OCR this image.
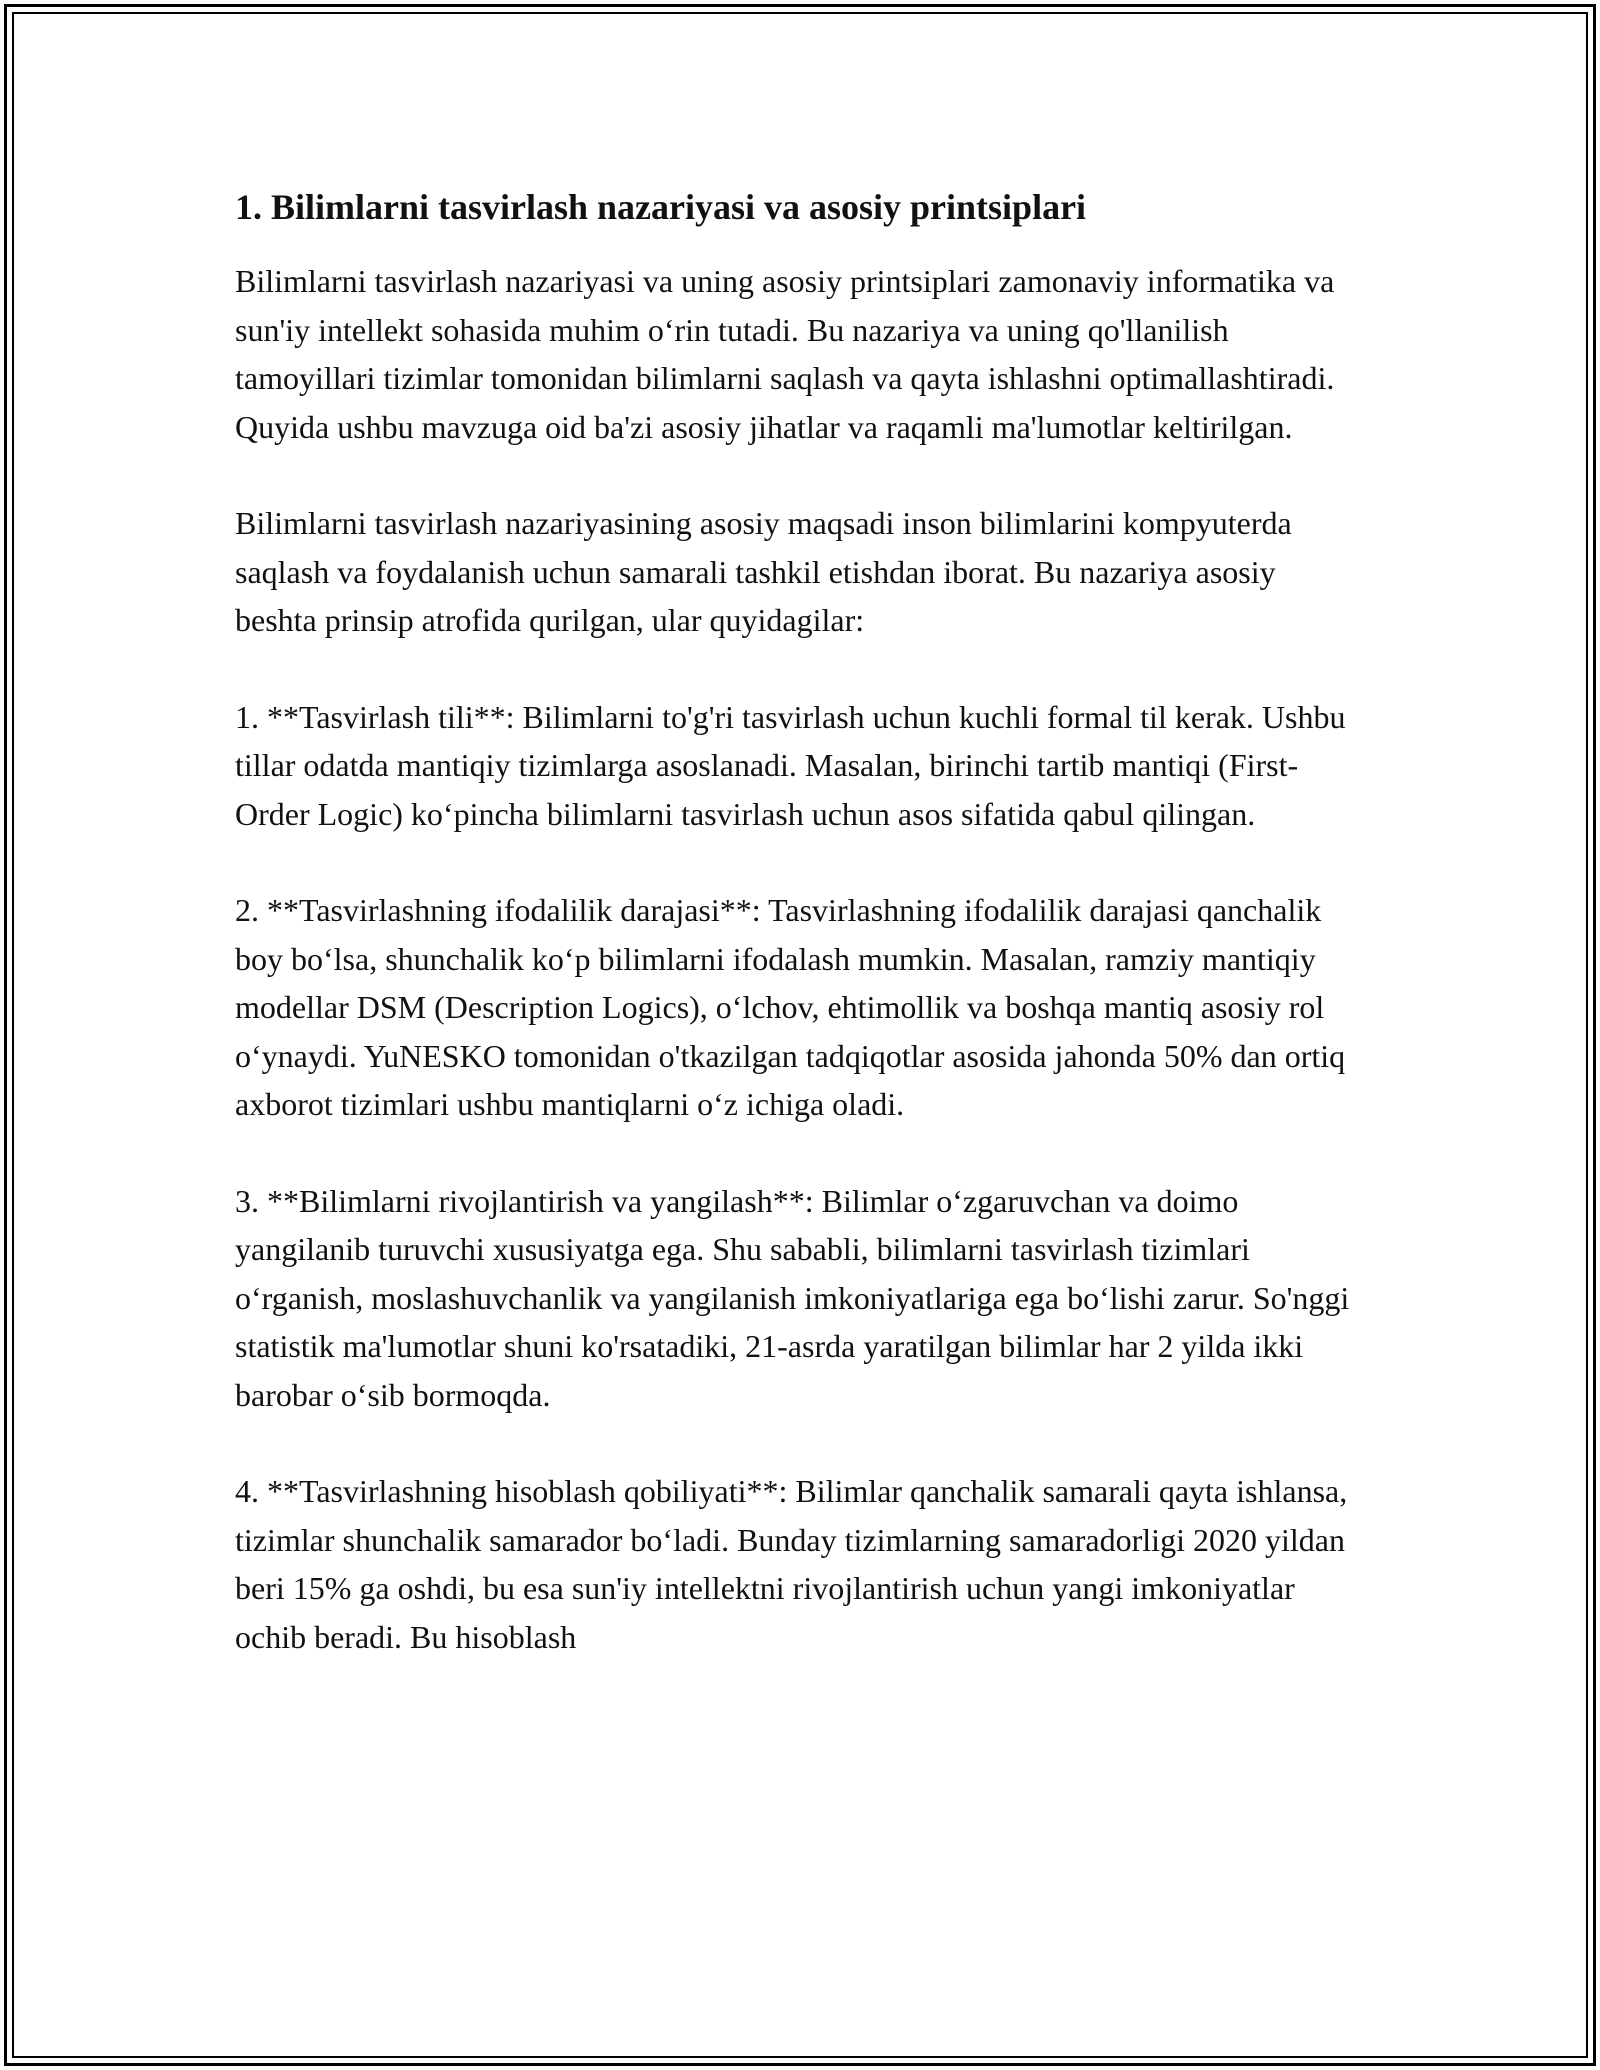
1. Bilimlarni tasvirlash nazariyasi va asosiy printsiplari

Bilimlarni tasvirlash nazariyasi va uning asosiy printsiplari zamonaviy informatika va sun'iy intellekt sohasida muhim o‘rin tutadi. Bu nazariya va uning qo'llanilish tamoyillari tizimlar tomonidan bilimlarni saqlash va qayta ishlashni optimallashtiradi. Quyida ushbu mavzuga oid ba'zi asosiy jihatlar va raqamli ma'lumotlar keltirilgan.

Bilimlarni tasvirlash nazariyasining asosiy maqsadi inson bilimlarini kompyuterda saqlash va foydalanish uchun samarali tashkil etishdan iborat. Bu nazariya asosiy beshta prinsip atrofida qurilgan, ular quyidagilar:

1. **Tasvirlash tili**: Bilimlarni to'g'ri tasvirlash uchun kuchli formal til kerak. Ushbu tillar odatda mantiqiy tizimlarga asoslanadi. Masalan, birinchi tartib mantiqi (First-Order Logic) ko‘pincha bilimlarni tasvirlash uchun asos sifatida qabul qilingan.

2. **Tasvirlashning ifodalilik darajasi**: Tasvirlashning ifodalilik darajasi qanchalik boy bo‘lsa, shunchalik ko‘p bilimlarni ifodalash mumkin. Masalan, ramziy mantiqiy modellar DSM (Description Logics), o‘lchov, ehtimollik va boshqa mantiq asosiy rol o‘ynaydi. YuNESKO tomonidan o'tkazilgan tadqiqotlar asosida jahonda 50% dan ortiq axborot tizimlari ushbu mantiqlarni o‘z ichiga oladi.

3. **Bilimlarni rivojlantirish va yangilash**: Bilimlar o‘zgaruvchan va doimo yangilanib turuvchi xususiyatga ega. Shu sababli, bilimlarni tasvirlash tizimlari o‘rganish, moslashuvchanlik va yangilanish imkoniyatlariga ega bo‘lishi zarur. So'nggi statistik ma'lumotlar shuni ko'rsatadiki, 21-asrda yaratilgan bilimlar har 2 yilda ikki barobar o‘sib bormoqda.

4. **Tasvirlashning hisoblash qobiliyati**: Bilimlar qanchalik samarali qayta ishlansa, tizimlar shunchalik samarador bo‘ladi. Bunday tizimlarning samaradorligi 2020 yildan beri 15% ga oshdi, bu esa sun'iy intellektni rivojlantirish uchun yangi imkoniyatlar ochib beradi. Bu hisoblash
